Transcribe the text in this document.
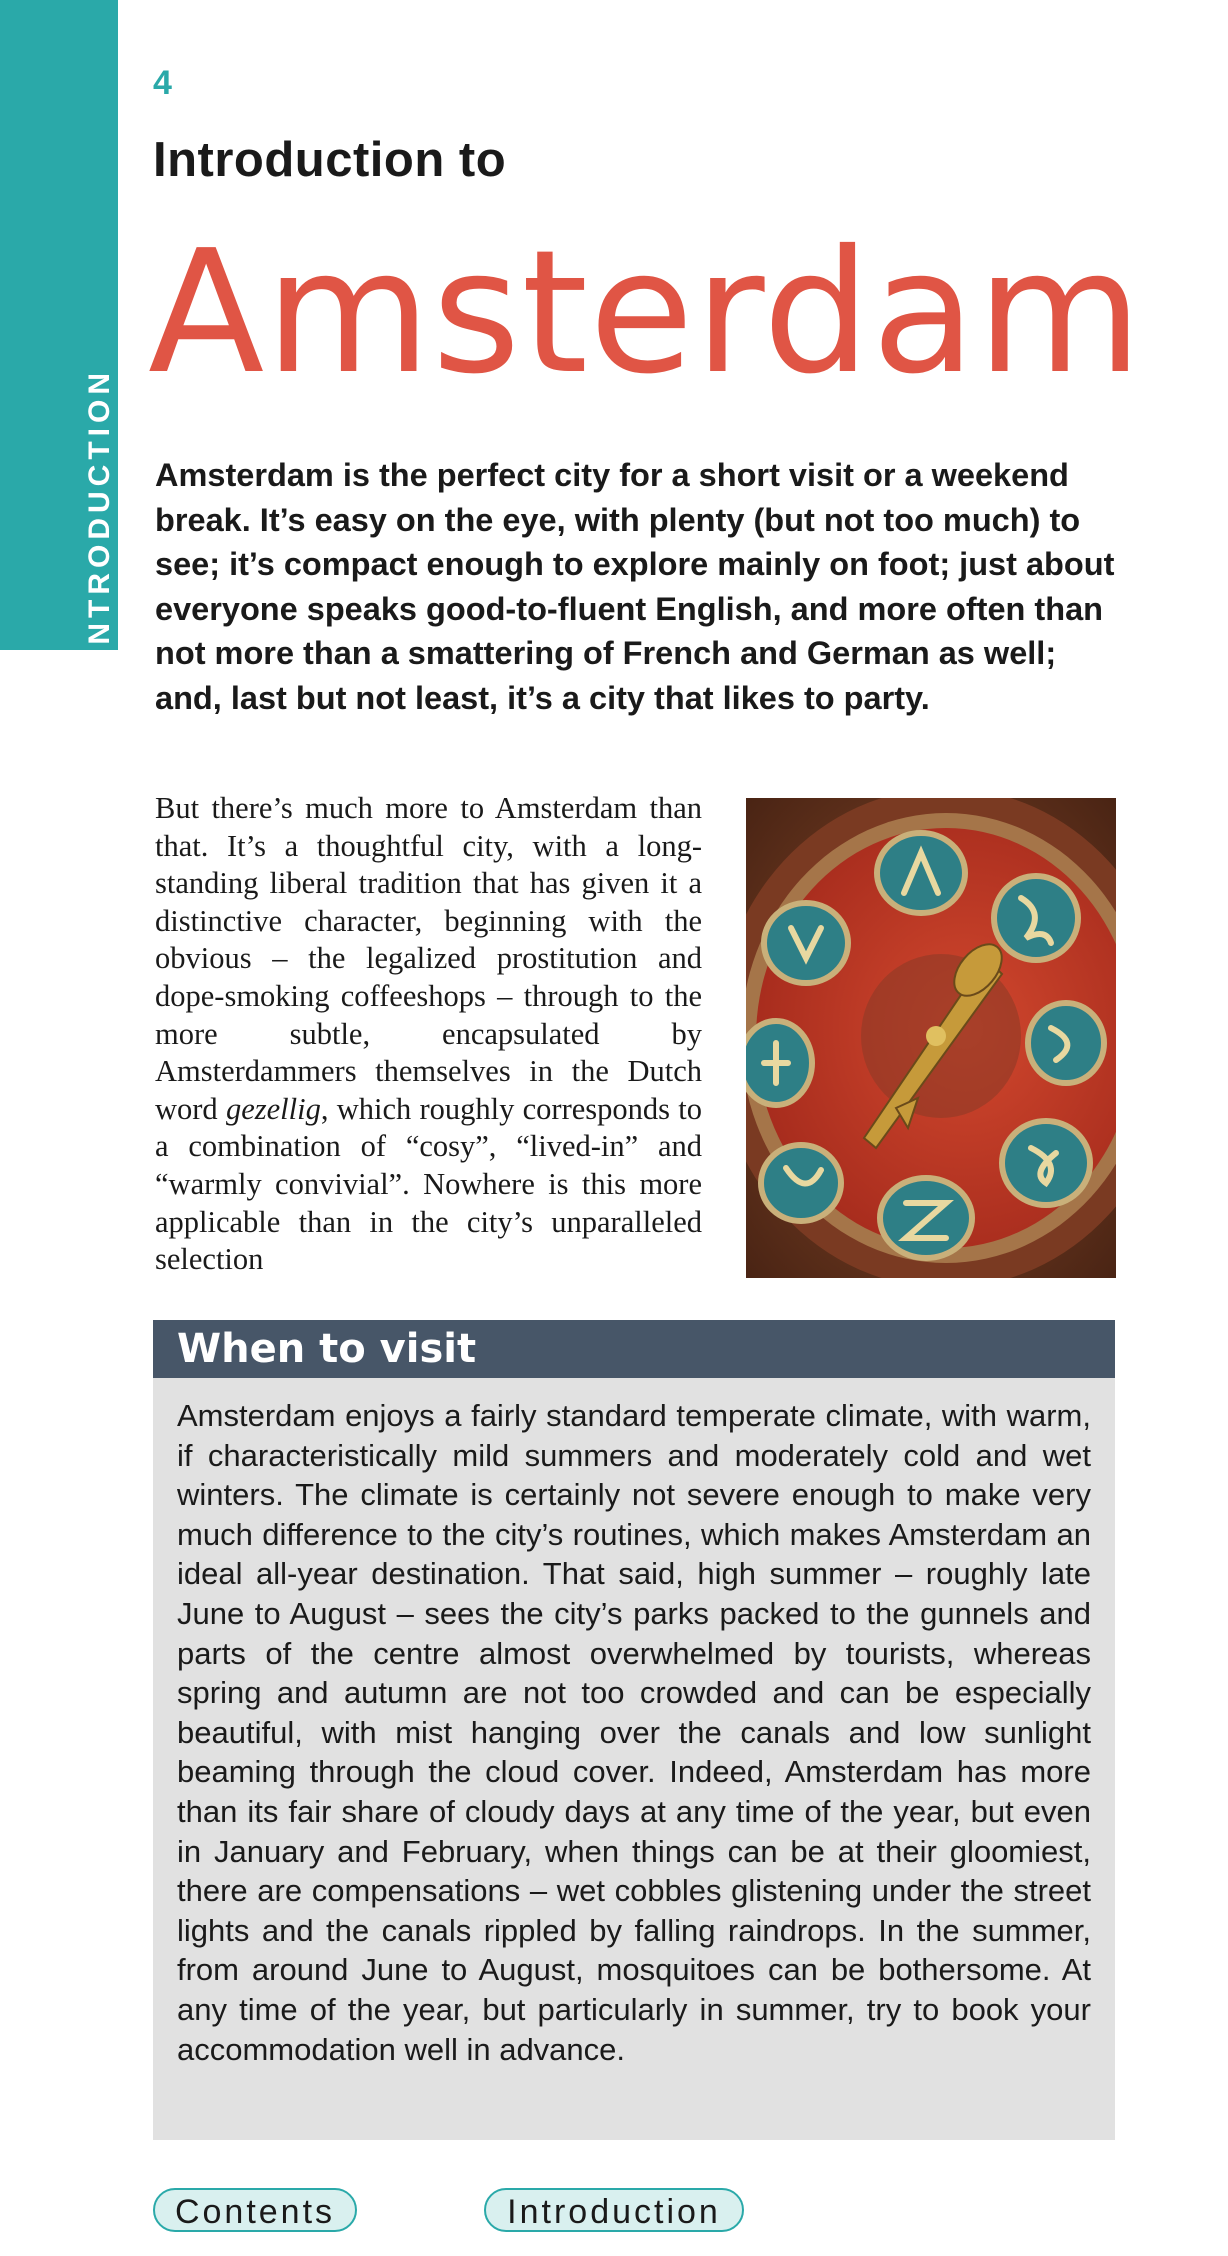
INTRODUCTION
4
Introduction to
Amsterdam
Amsterdam is the perfect city for a short visit or a weekend break. It’s easy on the eye, with plenty (but not too much) to see; it’s compact enough to explore mainly on foot; just about everyone speaks good-to-fluent English, and more often than not more than a smattering of French and German as well; and, last but not least, it’s a city that likes to party.
But there’s much more to Amsterdam than that. It’s a thoughtful city, with a long-standing liberal tradition that has given it a distinctive character, beginning with the obvious – the legalized prostitution and dope-smoking coffeeshops – through to the more subtle, encapsulated by Amsterdammers themselves in the Dutch word gezellig, which roughly corresponds to a combination of “cosy”, “lived-in” and “warmly convivial”. Nowhere is this more applicable than in the city’s unparalleled selection
When to visit
Amsterdam enjoys a fairly standard temperate climate, with warm, if characteristically mild summers and moderately cold and wet winters. The climate is certainly not severe enough to make very much difference to the city’s routines, which makes Amsterdam an ideal all-year destination. That said, high summer – roughly late June to August – sees the city’s parks packed to the gunnels and parts of the centre almost overwhelmed by tourists, whereas spring and autumn are not too crowded and can be especially beautiful, with mist hanging over the canals and low sunlight beaming through the cloud cover. Indeed, Amsterdam has more than its fair share of cloudy days at any time of the year, but even in January and February, when things can be at their gloomiest, there are compensations – wet cobbles glistening under the street lights and the canals rippled by falling raindrops. In the summer, from around June to August, mosquitoes can be bothersome. At any time of the year, but particularly in summer, try to book your accommodation well in advance.
Contents	Introduction
